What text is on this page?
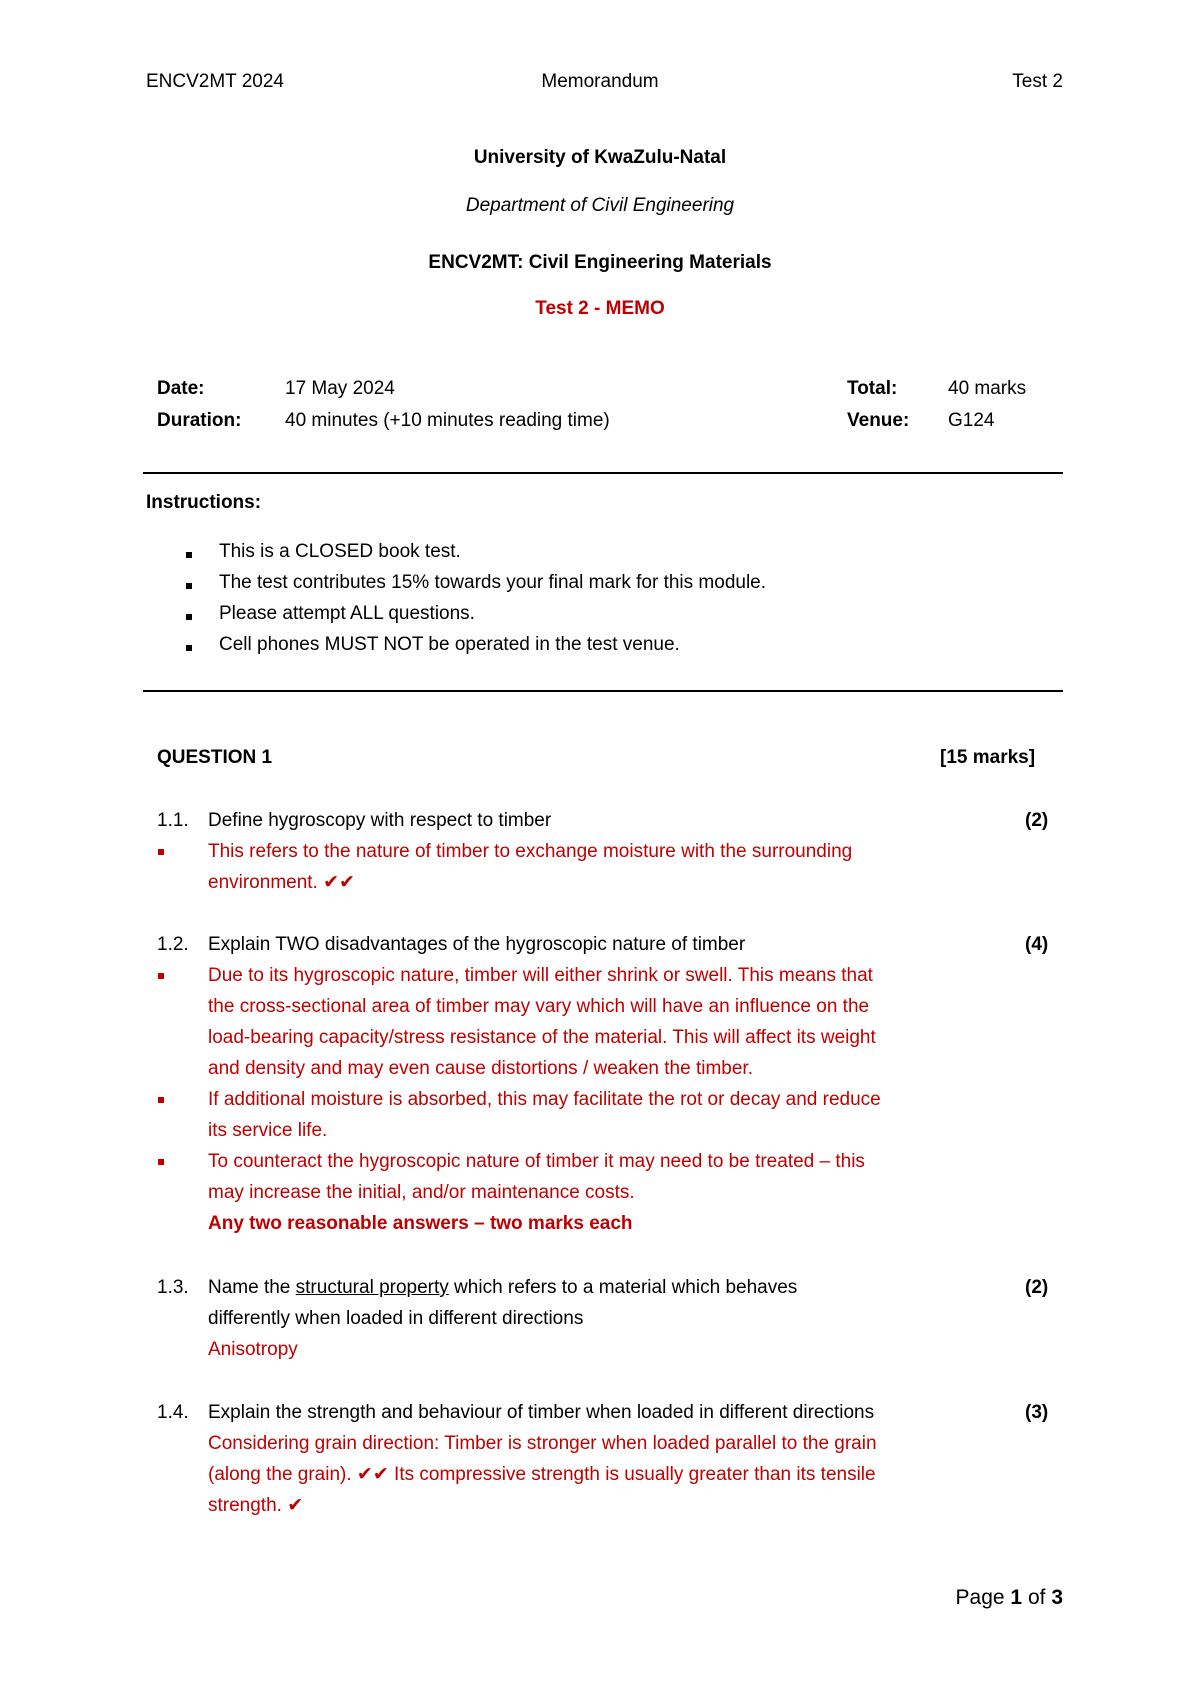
ENCV2MT 2024	Memorandum	Test 2
University of KwaZulu-Natal
Department of Civil Engineering
ENCV2MT: Civil Engineering Materials
Test 2 - MEMO
Date:	17 May 2024	Total:	40 marks
Duration: 40 minutes (+10 minutes reading time)	Venue: G124
Instructions:
This is a CLOSED book test.
The test contributes 15% towards your final mark for this module.
Please attempt ALL questions.
Cell phones MUST NOT be operated in the test venue.
QUESTION 1	[15 marks]
1.1. Define hygroscopy with respect to timber	(2)
This refers to the nature of timber to exchange moisture with the surrounding
environment. ✔✔
1.2. Explain TWO disadvantages of the hygroscopic nature of timber	(4)
Due to its hygroscopic nature, timber will either shrink or swell. This means that
the cross-sectional area of timber may vary which will have an influence on the
load-bearing capacity/stress resistance of the material. This will affect its weight
and density and may even cause distortions / weaken the timber.
If additional moisture is absorbed, this may facilitate the rot or decay and reduce
its service life.
To counteract the hygroscopic nature of timber it may need to be treated – this
may increase the initial, and/or maintenance costs.
Any two reasonable answers – two marks each
1.3. Name the structural property which refers to a material which behaves	(2)
differently when loaded in different directions
Anisotropy
1.4. Explain the strength and behaviour of timber when loaded in different directions	(3)
Considering grain direction: Timber is stronger when loaded parallel to the grain
(along the grain). ✔✔ Its compressive strength is usually greater than its tensile
strength. ✔
Page 1 of 3
